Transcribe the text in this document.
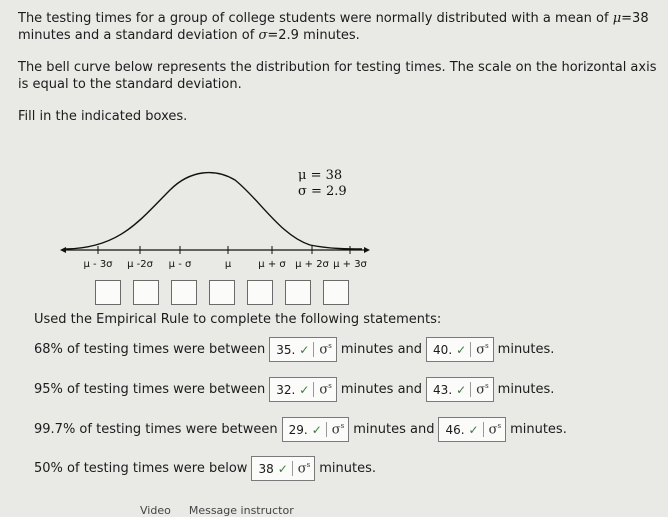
The testing times for a group of college students were normally distributed with a mean of μ=38 minutes and a standard deviation of σ=2.9 minutes.

The bell curve below represents the distribution for testing times. The scale on the horizontal axis is equal to the standard deviation.

Fill in the indicated boxes.

μ - 3σ μ -2σ μ - σ	μ	μ + σ μ + 2σ μ + 3σ
μ = 38
σ = 2.9
Used the Empirical Rule to complete the following statements:
68% of testing times were between 35. ✓ $\sigma^s$ minutes and 40. ✓ $\sigma^s$ minutes.
95% of testing times were between 32. ✓ $\sigma^s$ minutes and 43. ✓ $\sigma^s$ minutes.
99.7% of testing times were between 29. ✓ $\sigma^s$ minutes and 46. ✓ $\sigma^s$ minutes.
50% of testing times were below 38 ✓ $\sigma^s$ minutes.
Video Message instructor
